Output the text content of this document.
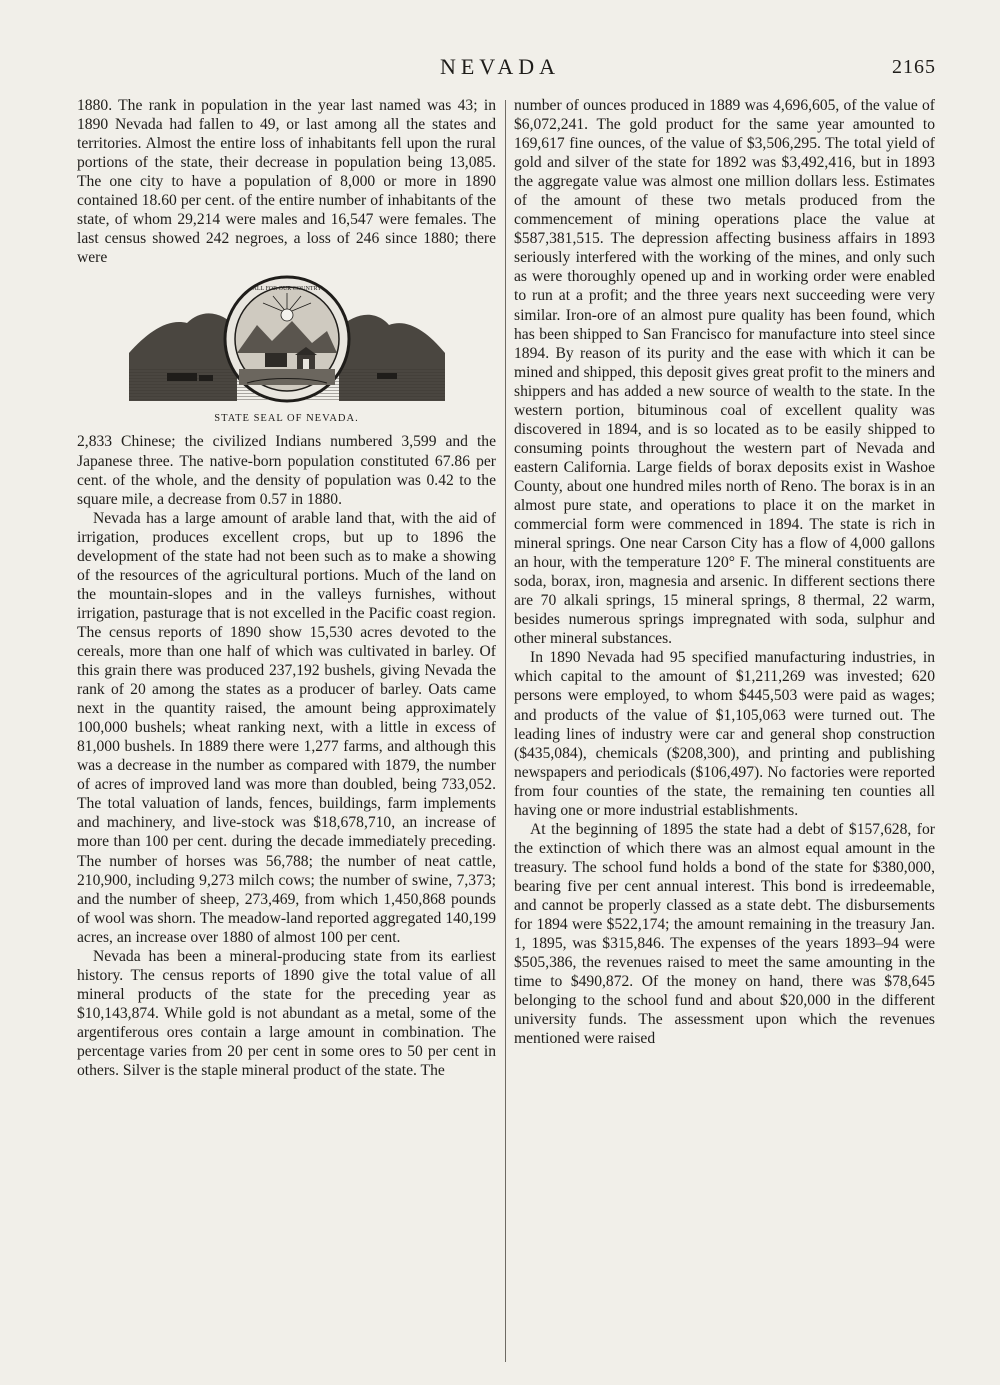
NEVADA	2165

1880. The rank in population in the year last named was 43; in 1890 Nevada had fallen to 49, or last among all the states and territories. Almost the entire loss of inhabitants fell upon the rural portions of the state, their decrease in population being 13,085. The one city to have a population of 8,000 or more in 1890 contained 18.60 per cent. of the entire number of inhabitants of the state, of whom 29,214 were males and 16,547 were females. The last census showed 242 negroes, a loss of 246 since 1880; there were

ALL FOR OUR COUNTRY
STATE SEAL OF NEVADA.

2,833 Chinese; the civilized Indians numbered 3,599 and the Japanese three. The native-born population constituted 67.86 per cent. of the whole, and the density of population was 0.42 to the square mile, a decrease from 0.57 in 1880.

Nevada has a large amount of arable land that, with the aid of irrigation, produces excellent crops, but up to 1896 the development of the state had not been such as to make a showing of the resources of the agricultural portions. Much of the land on the mountain-slopes and in the valleys furnishes, without irrigation, pasturage that is not excelled in the Pacific coast region. The census reports of 1890 show 15,530 acres devoted to the cereals, more than one half of which was cultivated in barley. Of this grain there was produced 237,192 bushels, giving Nevada the rank of 20 among the states as a producer of barley. Oats came next in the quantity raised, the amount being approximately 100,000 bushels; wheat ranking next, with a little in excess of 81,000 bushels. In 1889 there were 1,277 farms, and although this was a decrease in the number as compared with 1879, the number of acres of improved land was more than doubled, being 733,052. The total valuation of lands, fences, buildings, farm implements and machinery, and live-stock was $18,678,710, an increase of more than 100 per cent. during the decade immediately preceding. The number of horses was 56,788; the number of neat cattle, 210,900, including 9,273 milch cows; the number of swine, 7,373; and the number of sheep, 273,469, from which 1,450,868 pounds of wool was shorn. The meadow-land reported aggregated 140,199 acres, an increase over 1880 of almost 100 per cent.

Nevada has been a mineral-producing state from its earliest history. The census reports of 1890 give the total value of all mineral products of the state for the preceding year as $10,143,874. While gold is not abundant as a metal, some of the argentiferous ores contain a large amount in combination. The percentage varies from 20 per cent in some ores to 50 per cent in others. Silver is the staple mineral product of the state. The

number of ounces produced in 1889 was 4,696,605, of the value of $6,072,241. The gold product for the same year amounted to 169,617 fine ounces, of the value of $3,506,295. The total yield of gold and silver of the state for 1892 was $3,492,416, but in 1893 the aggregate value was almost one million dollars less. Estimates of the amount of these two metals produced from the commencement of mining operations place the value at $587,381,515. The depression affecting business affairs in 1893 seriously interfered with the working of the mines, and only such as were thoroughly opened up and in working order were enabled to run at a profit; and the three years next succeeding were very similar. Iron-ore of an almost pure quality has been found, which has been shipped to San Francisco for manufacture into steel since 1894. By reason of its purity and the ease with which it can be mined and shipped, this deposit gives great profit to the miners and shippers and has added a new source of wealth to the state. In the western portion, bituminous coal of excellent quality was discovered in 1894, and is so located as to be easily shipped to consuming points throughout the western part of Nevada and eastern California. Large fields of borax deposits exist in Washoe County, about one hundred miles north of Reno. The borax is in an almost pure state, and operations to place it on the market in commercial form were commenced in 1894. The state is rich in mineral springs. One near Carson City has a flow of 4,000 gallons an hour, with the temperature 120° F. The mineral constituents are soda, borax, iron, magnesia and arsenic. In different sections there are 70 alkali springs, 15 mineral springs, 8 thermal, 22 warm, besides numerous springs impregnated with soda, sulphur and other mineral substances.

In 1890 Nevada had 95 specified manufacturing industries, in which capital to the amount of $1,211,269 was invested; 620 persons were employed, to whom $445,503 were paid as wages; and products of the value of $1,105,063 were turned out. The leading lines of industry were car and general shop construction ($435,084), chemicals ($208,300), and printing and publishing newspapers and periodicals ($106,497). No factories were reported from four counties of the state, the remaining ten counties all having one or more industrial establishments.

At the beginning of 1895 the state had a debt of $157,628, for the extinction of which there was an almost equal amount in the treasury. The school fund holds a bond of the state for $380,000, bearing five per cent annual interest. This bond is irredeemable, and cannot be properly classed as a state debt. The disbursements for 1894 were $522,174; the amount remaining in the treasury Jan. 1, 1895, was $315,846. The expenses of the years 1893–94 were $505,386, the revenues raised to meet the same amounting in the time to $490,872. Of the money on hand, there was $78,645 belonging to the school fund and about $20,000 in the different university funds. The assessment upon which the revenues mentioned were raised
